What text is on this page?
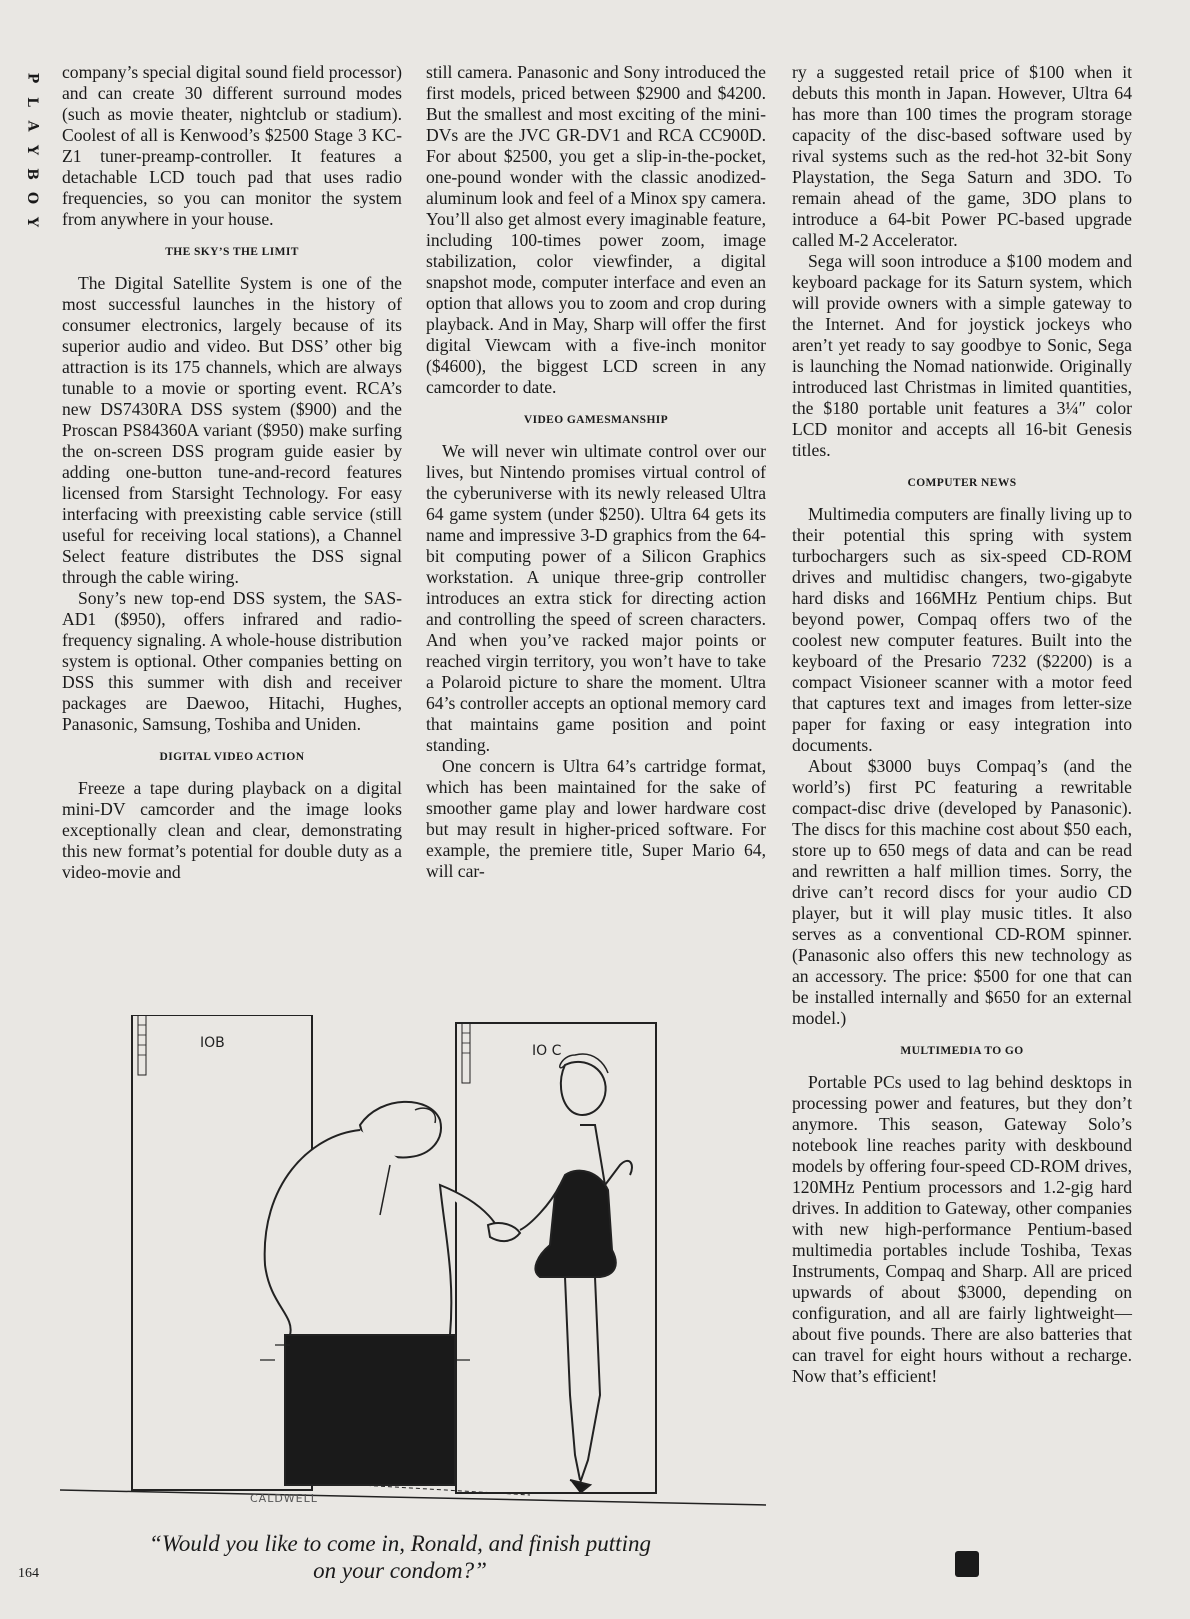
P
L
A
Y
B
O
Y

company’s special digital sound field processor) and can create 30 different surround modes (such as movie theater, nightclub or stadium). Coolest of all is Kenwood’s $2500 Stage 3 KC-Z1 tuner-preamp-controller. It features a detachable LCD touch pad that uses radio frequencies, so you can monitor the system from anywhere in your house.

THE SKY’S THE LIMIT

The Digital Satellite System is one of the most successful launches in the history of consumer electronics, largely because of its superior audio and video. But DSS’ other big attraction is its 175 channels, which are always tunable to a movie or sporting event. RCA’s new DS7430RA DSS system ($900) and the Proscan PS84360A variant ($950) make surfing the on-screen DSS program guide easier by adding one-button tune-and-record features licensed from Starsight Technology. For easy interfacing with preexisting cable service (still useful for receiving local stations), a Channel Select feature distributes the DSS signal through the cable wiring.

Sony’s new top-end DSS system, the SAS-AD1 ($950), offers infrared and radio-frequency signaling. A whole-house distribution system is optional. Other companies betting on DSS this summer with dish and receiver packages are Daewoo, Hitachi, Hughes, Panasonic, Samsung, Toshiba and Uniden.

DIGITAL VIDEO ACTION

Freeze a tape during playback on a digital mini-DV camcorder and the image looks exceptionally clean and clear, demonstrating this new format’s potential for double duty as a video-movie and

still camera. Panasonic and Sony introduced the first models, priced between $2900 and $4200. But the smallest and most exciting of the mini-DVs are the JVC GR-DV1 and RCA CC900D. For about $2500, you get a slip-in-the-pocket, one-pound wonder with the classic anodized-aluminum look and feel of a Minox spy camera. You’ll also get almost every imaginable feature, including 100-times power zoom, image stabilization, color viewfinder, a digital snapshot mode, computer interface and even an option that allows you to zoom and crop during playback. And in May, Sharp will offer the first digital Viewcam with a five-inch monitor ($4600), the biggest LCD screen in any camcorder to date.

VIDEO GAMESMANSHIP

We will never win ultimate control over our lives, but Nintendo promises virtual control of the cyberuniverse with its newly released Ultra 64 game system (under $250). Ultra 64 gets its name and impressive 3-D graphics from the 64-bit computing power of a Silicon Graphics workstation. A unique three-grip controller introduces an extra stick for directing action and controlling the speed of screen characters. And when you’ve racked major points or reached virgin territory, you won’t have to take a Polaroid picture to share the moment. Ultra 64’s controller accepts an optional memory card that maintains game position and point standing.

One concern is Ultra 64’s cartridge format, which has been maintained for the sake of smoother game play and lower hardware cost but may result in higher-priced software. For example, the premiere title, Super Mario 64, will car-

ry a suggested retail price of $100 when it debuts this month in Japan. However, Ultra 64 has more than 100 times the program storage capacity of the disc-based software used by rival systems such as the red-hot 32-bit Sony Playstation, the Sega Saturn and 3DO. To remain ahead of the game, 3DO plans to introduce a 64-bit Power PC-based upgrade called M-2 Accelerator.

Sega will soon introduce a $100 modem and keyboard package for its Saturn system, which will provide owners with a simple gateway to the Internet. And for joystick jockeys who aren’t yet ready to say goodbye to Sonic, Sega is launching the Nomad nationwide. Originally introduced last Christmas in limited quantities, the $180 portable unit features a 3¼″ color LCD monitor and accepts all 16-bit Genesis titles.

COMPUTER NEWS

Multimedia computers are finally living up to their potential this spring with system turbochargers such as six-speed CD-ROM drives and multidisc changers, two-gigabyte hard disks and 166MHz Pentium chips. But beyond power, Compaq offers two of the coolest new computer features. Built into the keyboard of the Presario 7232 ($2200) is a compact Visioneer scanner with a motor feed that captures text and images from letter-size paper for faxing or easy integration into documents.

About $3000 buys Compaq’s (and the world’s) first PC featuring a rewritable compact-disc drive (developed by Panasonic). The discs for this machine cost about $50 each, store up to 650 megs of data and can be read and rewritten a half million times. Sorry, the drive can’t record discs for your audio CD player, but it will play music titles. It also serves as a conventional CD-ROM spinner. (Panasonic also offers this new technology as an accessory. The price: $500 for one that can be installed internally and $650 for an external model.)

MULTIMEDIA TO GO

Portable PCs used to lag behind desktops in processing power and features, but they don’t anymore. This season, Gateway Solo’s notebook line reaches parity with deskbound models by offering four-speed CD-ROM drives, 120MHz Pentium processors and 1.2-gig hard drives. In addition to Gateway, other companies with new high-performance Pentium-based multimedia portables include Toshiba, Texas Instruments, Compaq and Sharp. All are priced upwards of about $3000, depending on configuration, and all are fairly lightweight—about five pounds. There are also batteries that can travel for eight hours without a recharge. Now that’s efficient!

IOB	IO C
CALDWELL
“Would you like to come in, Ronald, and finish putting
on your condom?”
164
